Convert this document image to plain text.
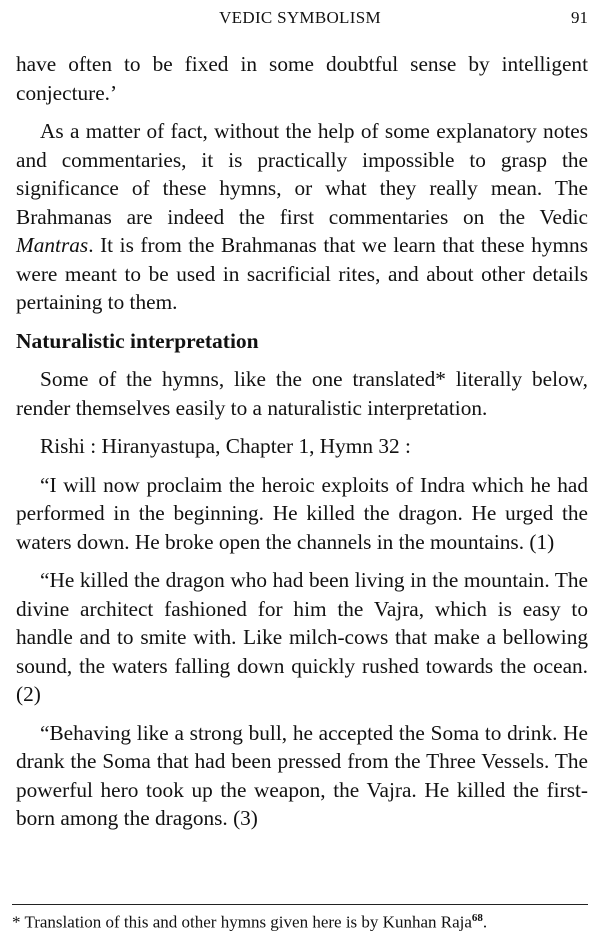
VEDIC SYMBOLISM	91

have often to be fixed in some doubtful sense by intelligent conjecture.’

As a matter of fact, without the help of some explanatory notes and commentaries, it is practically impossible to grasp the significance of these hymns, or what they really mean. The Brahmanas are indeed the first commentaries on the Vedic Mantras. It is from the Brahmanas that we learn that these hymns were meant to be used in sacrificial rites, and about other details pertaining to them.

Naturalistic interpretation

Some of the hymns, like the one translated* literally below, render themselves easily to a naturalistic interpretation.

Rishi : Hiranyastupa, Chapter 1, Hymn 32 :

“I will now proclaim the heroic exploits of Indra which he had performed in the beginning. He killed the dragon. He urged the waters down. He broke open the channels in the mountains. (1)

“He killed the dragon who had been living in the mountain. The divine architect fashioned for him the Vajra, which is easy to handle and to smite with. Like milch-cows that make a bellowing sound, the waters falling down quickly rushed towards the ocean. (2)

“Behaving like a strong bull, he accepted the Soma to drink. He drank the Soma that had been pressed from the Three Vessels. The powerful hero took up the weapon, the Vajra. He killed the first-born among the dragons. (3)

* Translation of this and other hymns given here is by Kunhan Raja$^{68}$.
